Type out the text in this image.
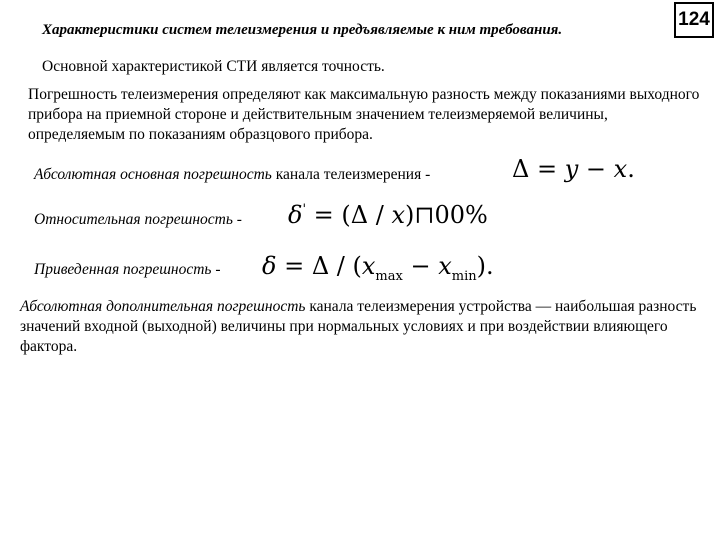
Характеристики систем телеизмерения и предъявляемые к ним требования.	124
Основной характеристикой СТИ является точность.
Погрешность телеизмерения определяют как максимальную разность между показаниями выходного прибора на приемной стороне и действительным значением телеизмеряемой величины, определяемым по показаниям образцового прибора.
Абсолютная основная погрешность канала телеизмерения -	Δ = y − x.
Относительная погрешность - δ' = (Δ / x)⊓00%
Приведенная погрешность - $\delta = \Delta / (x_{max} - x_{min})$.
Абсолютная дополнительная погрешность канала телеизмерения устройства — наибольшая разность значений входной (выходной) величины при нормальных условиях и при воздействии влияющего фактора.
